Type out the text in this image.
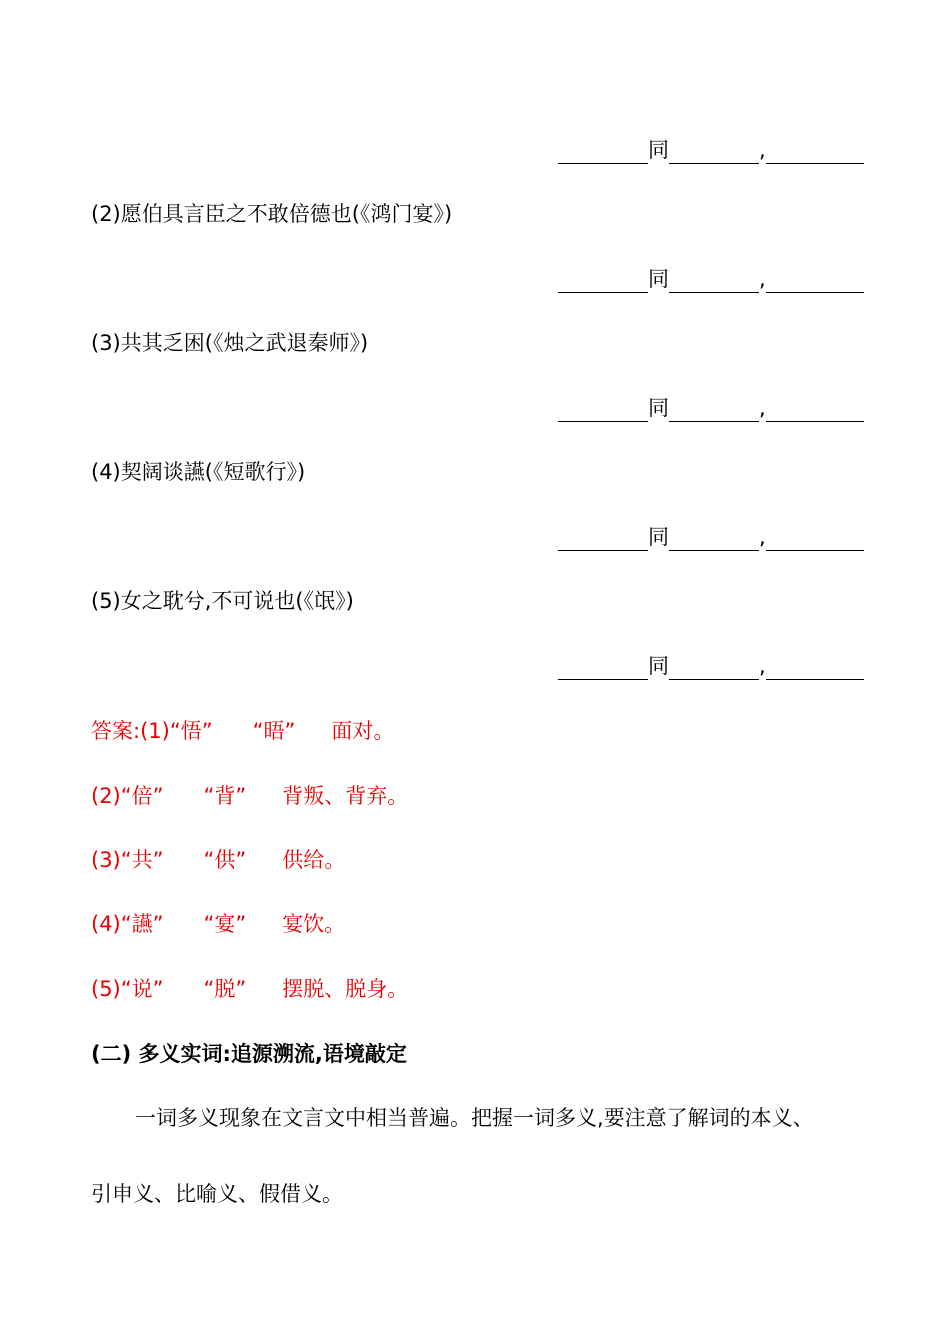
同	,
(2)愿伯具言臣之不敢倍德也(《鸿门宴》)
同	,
(3)共其乏困(《烛之武退秦师》)
同	,
(4)契阔谈讌(《短歌行》)
同	,
(5)女之耽兮,不可说也(《氓》)
同	,
答案:(1)“悟” “晤” 面对。
(2)“倍” “背” 背叛、背弃。
(3)“共” “供” 供给。
(4)“讌” “宴” 宴饮。
(5)“说” “脱” 摆脱、脱身。
(二) 多义实词:追源溯流,语境敲定
一词多义现象在文言文中相当普遍。把握一词多义,要注意了解词的本义、
引申义、比喻义、假借义。
